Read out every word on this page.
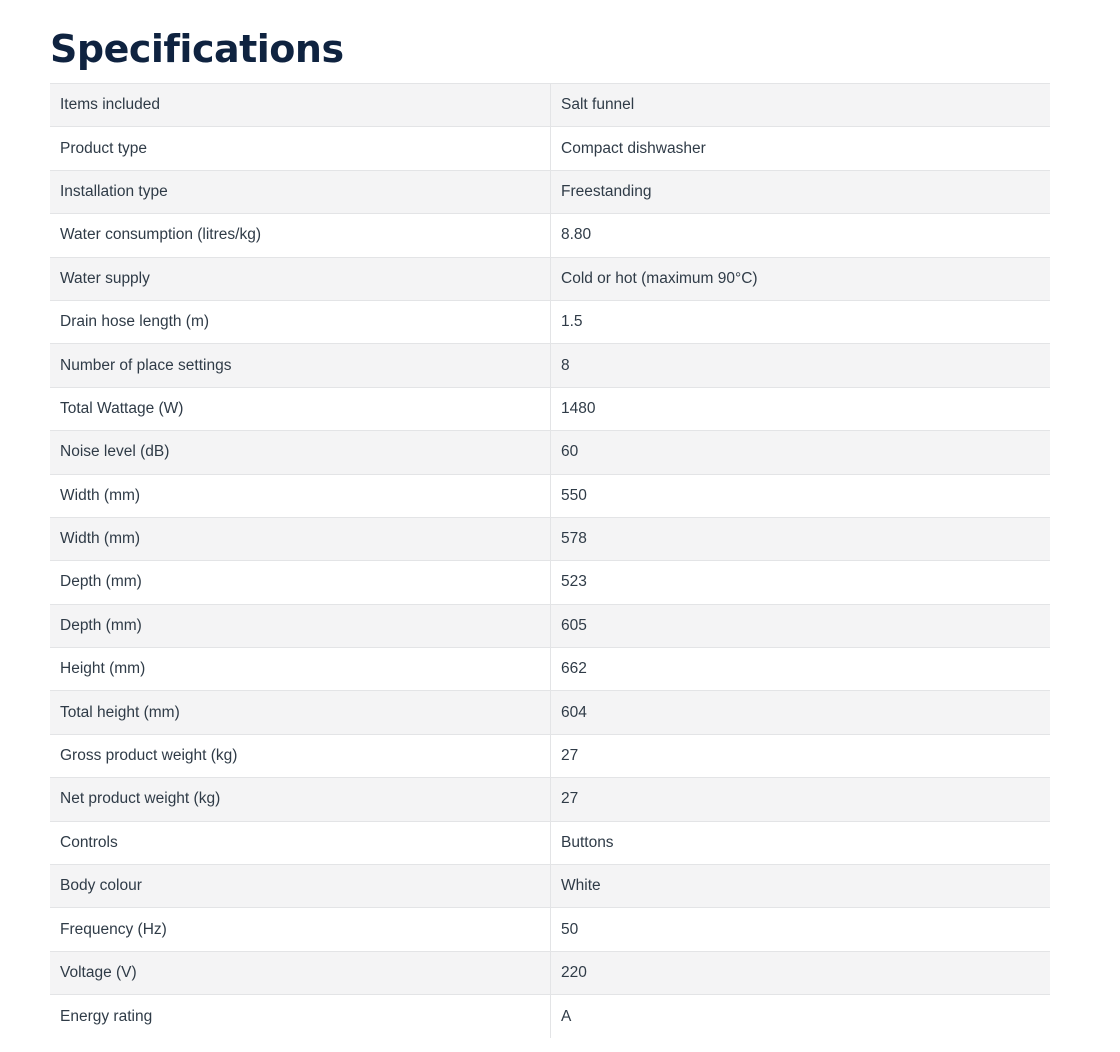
Specifications
Items included	Salt funnel
Product type	Compact dishwasher
Installation type	Freestanding
Water consumption (litres/kg)	8.80
Water supply	Cold or hot (maximum 90°C)
Drain hose length (m)	1.5
Number of place settings	8
Total Wattage (W)	1480
Noise level (dB)	60
Width (mm)	550
Width (mm)	578
Depth (mm)	523
Depth (mm)	605
Height (mm)	662
Total height (mm)	604
Gross product weight (kg)	27
Net product weight (kg)	27
Controls	Buttons
Body colour	White
Frequency (Hz)	50
Voltage (V)	220
Energy rating	A
